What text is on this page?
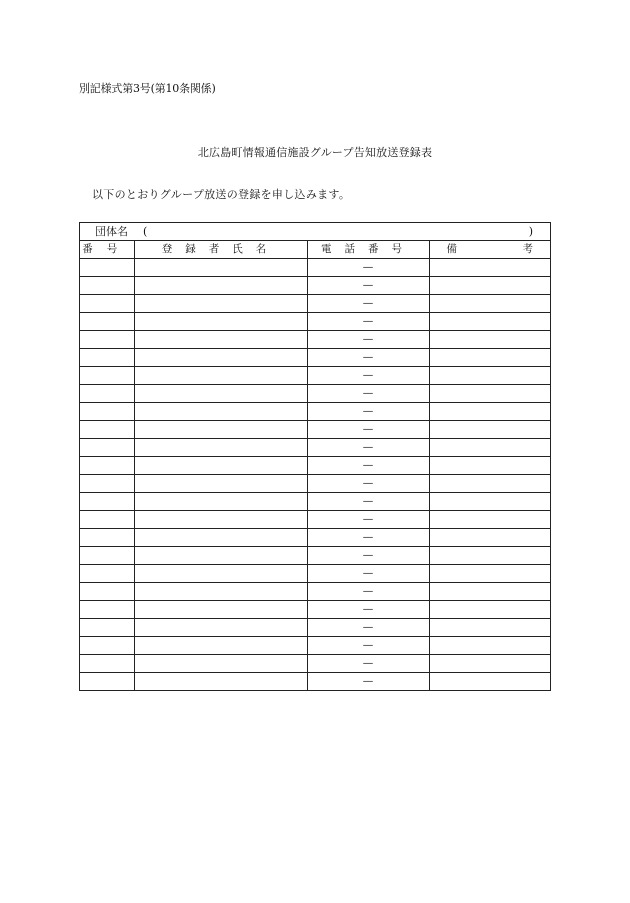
別記様式第3号(第10条関係)
北広島町情報通信施設グループ告知放送登録表
以下のとおりグループ放送の登録を申し込みます。
団体名 (	)
番号	登録者氏名	電話番号	備 考

		—	
		—	
		—	
		—	
		—	
		—	
		—	
		—	
		—	
		—	
		—	
		—	
		—	
		—	
		—	
		—	
		—	
		—	
		—	
		—	
		—	
		—	
		—	
		—	
